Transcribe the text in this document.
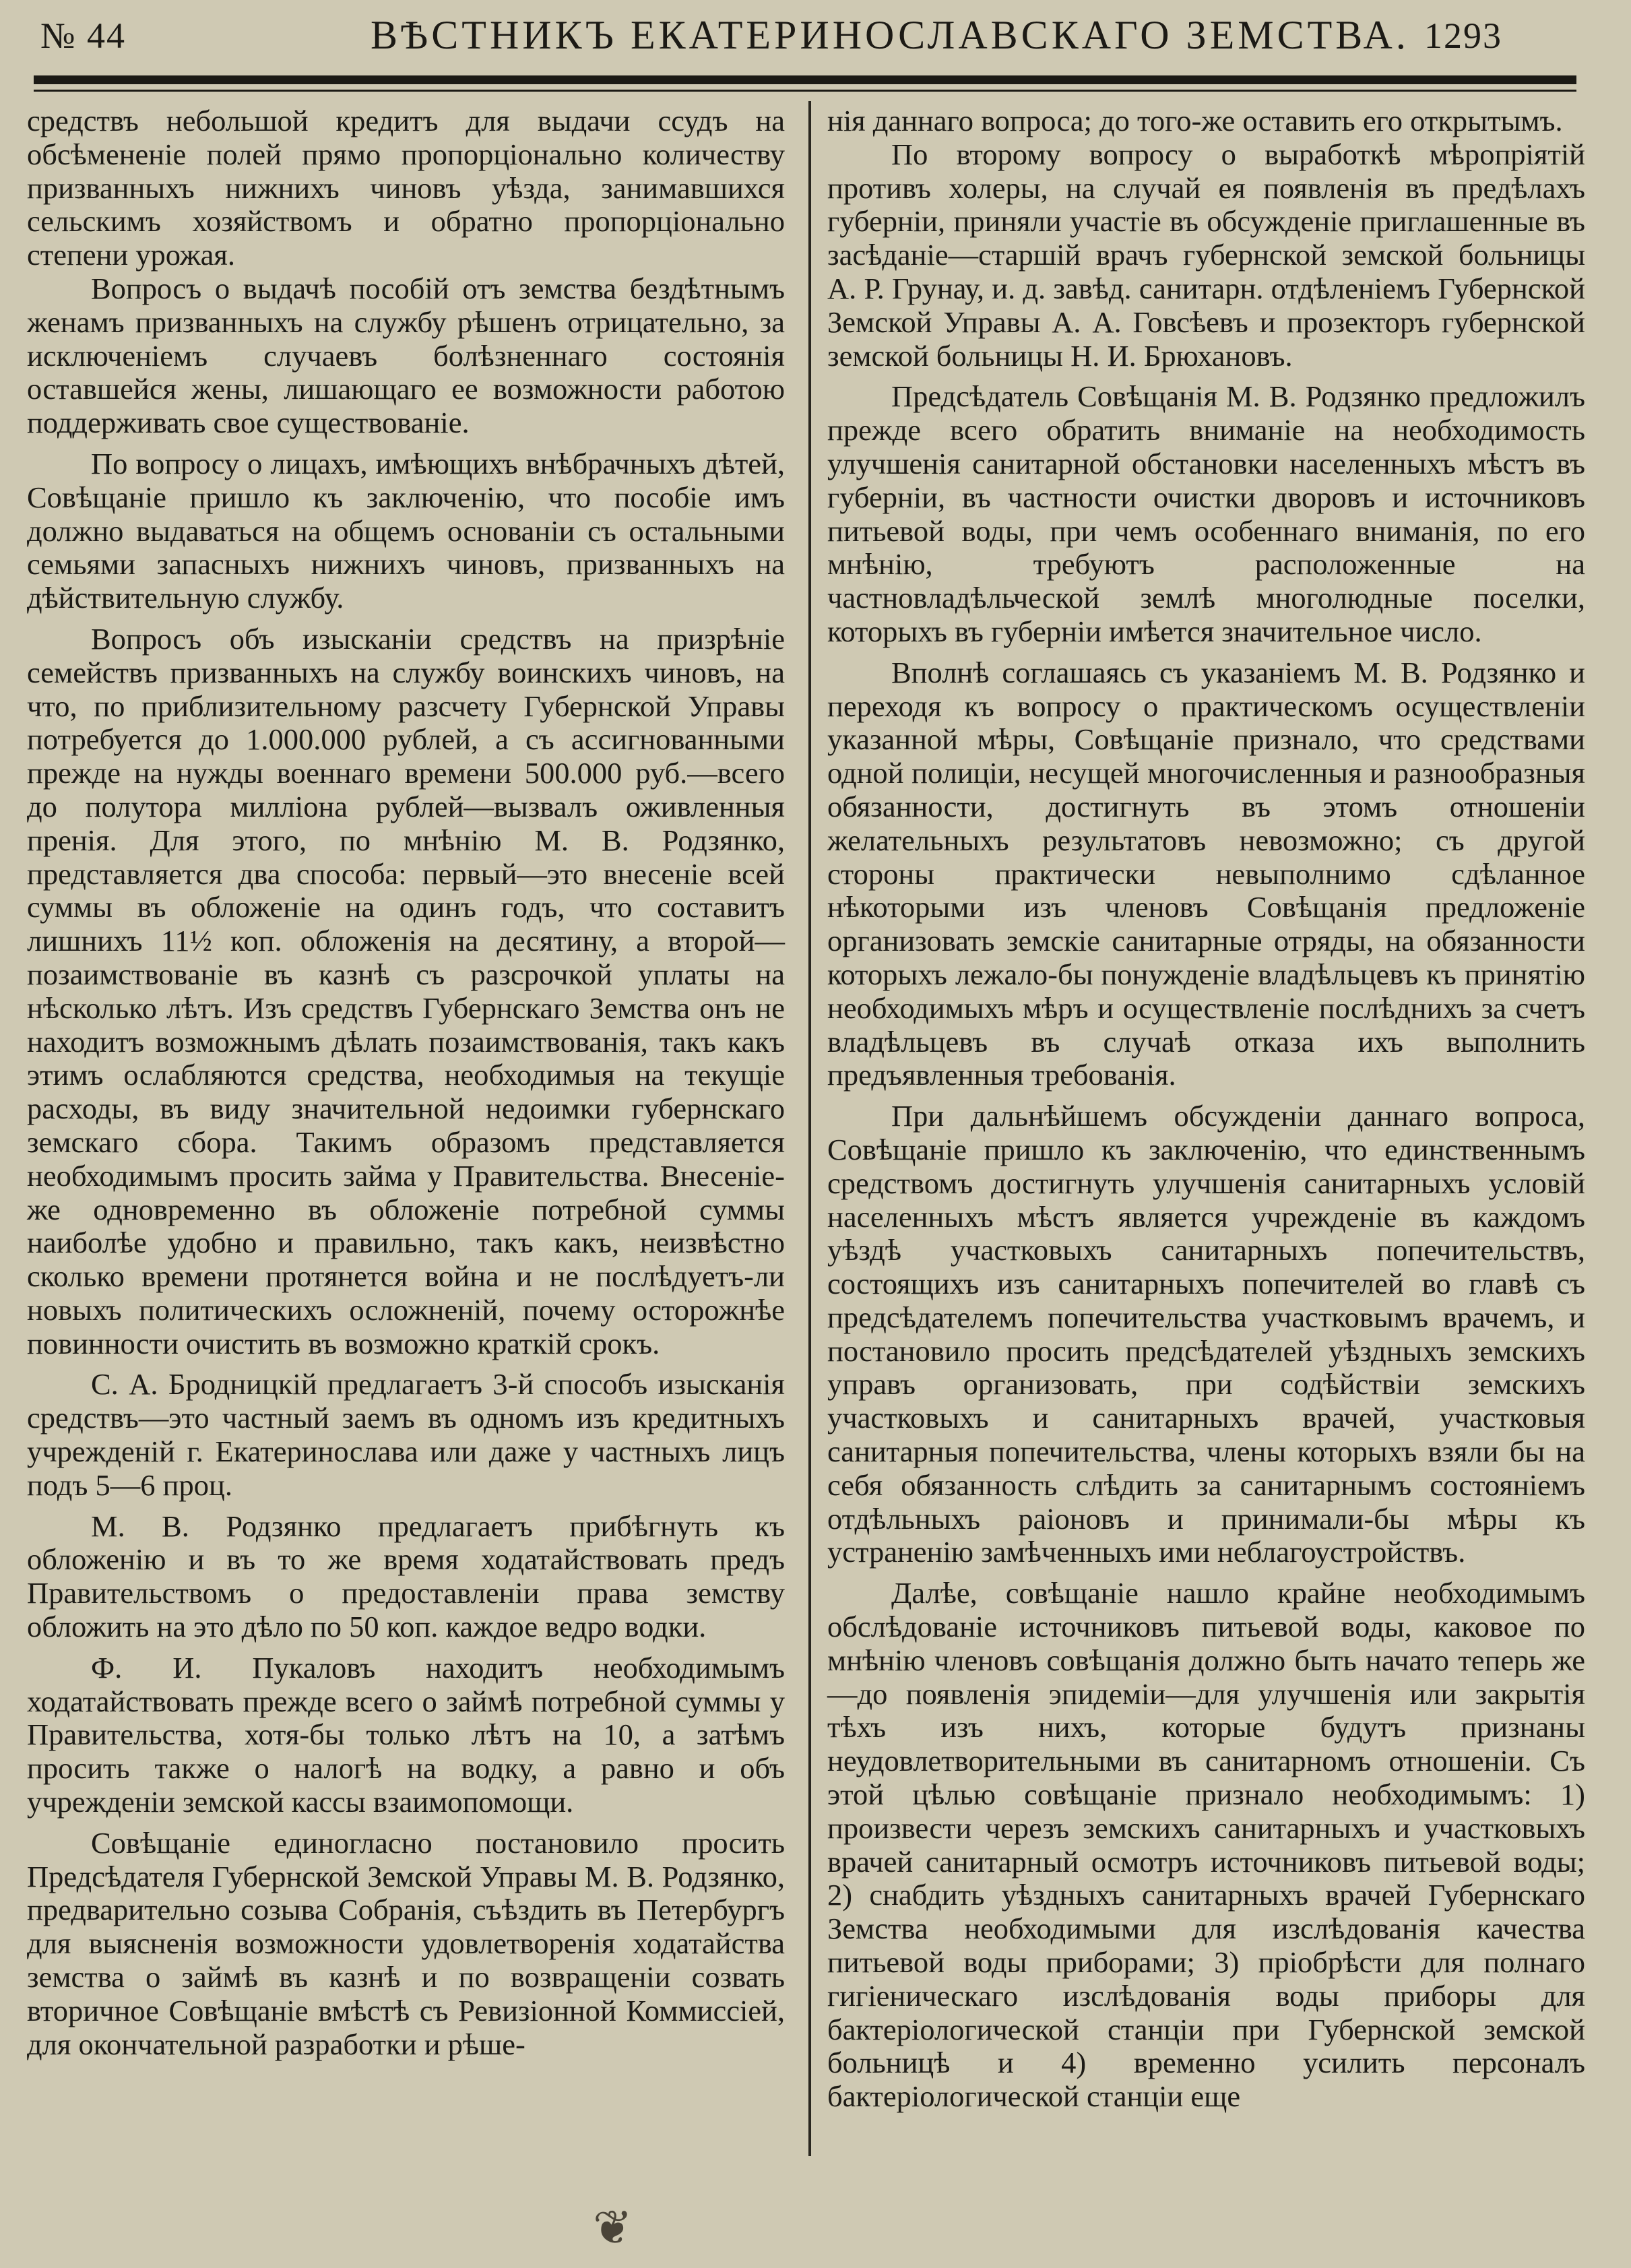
№ 44	ВѢСТНИКЪ ЕКАТЕРИНОСЛАВСКАГО ЗЕМСТВА. 1293

средствъ небольшой кредитъ для выдачи ссудъ на обсѣмененіе полей прямо пропорціонально количеству призванныхъ нижнихъ чиновъ уѣзда, занимавшихся сельскимъ хозяйствомъ и обратно пропорціонально степени урожая.

Вопросъ о выдачѣ пособій отъ земства бездѣтнымъ женамъ призванныхъ на службу рѣшенъ отрицательно, за исключеніемъ случаевъ болѣзненнаго состоянія оставшейся жены, лишающаго ее возможности работою поддерживать свое существованіе.

По вопросу о лицахъ, имѣющихъ внѣбрачныхъ дѣтей, Совѣщаніе пришло къ заключенію, что пособіе имъ должно выдаваться на общемъ основаніи съ остальными семьями запасныхъ нижнихъ чиновъ, призванныхъ на дѣйствительную службу.

Вопросъ объ изысканіи средствъ на призрѣніе семействъ призванныхъ на службу воинскихъ чиновъ, на что, по приблизительному разсчету Губернской Управы потребуется до 1.000.000 рублей, а съ ассигнованными прежде на нужды военнаго времени 500.000 руб.—всего до полутора милліона рублей—вызвалъ оживленныя пренія. Для этого, по мнѣнію М. В. Родзянко, представляется два способа: первый—это внесеніе всей суммы въ обложеніе на одинъ годъ, что составитъ лишнихъ 11½ коп. обложенія на десятину, а второй—позаимствованіе въ казнѣ съ разсрочкой уплаты на нѣсколько лѣтъ. Изъ средствъ Губернскаго Земства онъ не находитъ возможнымъ дѣлать позаимствованія, такъ какъ этимъ ослабляются средства, необходимыя на текущіе расходы, въ виду значительной недоимки губернскаго земскаго сбора. Такимъ образомъ представляется необходимымъ просить займа у Правительства. Внесеніе-же одновременно въ обложеніе потребной суммы наиболѣе удобно и правильно, такъ какъ, неизвѣстно сколько времени протянется война и не послѣдуетъ-ли новыхъ политическихъ осложненій, почему осторожнѣе повинности очистить въ возможно краткій срокъ.

С. А. Бродницкій предлагаетъ 3-й способъ изысканія средствъ—это частный заемъ въ одномъ изъ кредитныхъ учрежденій г. Екатеринослава или даже у частныхъ лицъ подъ 5—6 проц.

М. В. Родзянко предлагаетъ прибѣгнуть къ обложенію и въ то же время ходатайствовать предъ Правительствомъ о предоставленіи права земству обложить на это дѣло по 50 коп. каждое ведро водки.

Ф. И. Пукаловъ находитъ необходимымъ ходатайствовать прежде всего о займѣ потребной суммы у Правительства, хотя-бы только лѣтъ на 10, а затѣмъ просить также о налогѣ на водку, а равно и объ учрежденіи земской кассы взаимопомощи.

Совѣщаніе единогласно постановило просить Предсѣдателя Губернской Земской Управы М. В. Родзянко, предварительно созыва Собранія, съѣздить въ Петербургъ для выясненія возможности удовлетворенія ходатайства земства о займѣ въ казнѣ и по возвращеніи созвать вторичное Совѣщаніе вмѣстѣ съ Ревизіонной Коммиссіей, для окончательной разработки и рѣше-

нія даннаго вопроса; до того-же оставить его открытымъ.

По второму вопросу о выработкѣ мѣропріятій противъ холеры, на случай ея появленія въ предѣлахъ губерніи, приняли участіе въ обсужденіе приглашенные въ засѣданіе—старшій врачъ губернской земской больницы А. Р. Грунау, и. д. завѣд. санитарн. отдѣленіемъ Губернской Земской Управы А. А. Говсѣевъ и прозекторъ губернской земской больницы Н. И. Брюхановъ.

Предсѣдатель Совѣщанія М. В. Родзянко предложилъ прежде всего обратить вниманіе на необходимость улучшенія санитарной обстановки населенныхъ мѣстъ въ губерніи, въ частности очистки дворовъ и источниковъ питьевой воды, при чемъ особеннаго вниманія, по его мнѣнію, требуютъ расположенные на частновладѣльческой землѣ многолюдные поселки, которыхъ въ губерніи имѣется значительное число.

Вполнѣ соглашаясь съ указаніемъ М. В. Родзянко и переходя къ вопросу о практическомъ осуществленіи указанной мѣры, Совѣщаніе признало, что средствами одной полиціи, несущей многочисленныя и разнообразныя обязанности, достигнуть въ этомъ отношеніи желательныхъ результатовъ невозможно; съ другой стороны практически невыполнимо сдѣланное нѣкоторыми изъ членовъ Совѣщанія предложеніе организовать земскіе санитарные отряды, на обязанности которыхъ лежало-бы понужденіе владѣльцевъ къ принятію необходимыхъ мѣръ и осуществленіе послѣднихъ за счетъ владѣльцевъ въ случаѣ отказа ихъ выполнить предъявленныя требованія.

При дальнѣйшемъ обсужденіи даннаго вопроса, Совѣщаніе пришло къ заключенію, что единственнымъ средствомъ достигнуть улучшенія санитарныхъ условій населенныхъ мѣстъ является учрежденіе въ каждомъ уѣздѣ участковыхъ санитарныхъ попечительствъ, состоящихъ изъ санитарныхъ попечителей во главѣ съ предсѣдателемъ попечительства участковымъ врачемъ, и постановило просить предсѣдателей уѣздныхъ земскихъ управъ организовать, при содѣйствіи земскихъ участковыхъ и санитарныхъ врачей, участковыя санитарныя попечительства, члены которыхъ взяли бы на себя обязанность слѣдить за санитарнымъ состояніемъ отдѣльныхъ раіоновъ и принимали-бы мѣры къ устраненію замѣченныхъ ими неблагоустройствъ.

Далѣе, совѣщаніе нашло крайне необходимымъ обслѣдованіе источниковъ питьевой воды, каковое по мнѣнію членовъ совѣщанія должно быть начато теперь же—до появленія эпидеміи—для улучшенія или закрытія тѣхъ изъ нихъ, которые будутъ признаны неудовлетворительными въ санитарномъ отношеніи. Съ этой цѣлью совѣщаніе признало необходимымъ: 1) произвести черезъ земскихъ санитарныхъ и участковыхъ врачей санитарный осмотръ источниковъ питьевой воды; 2) снабдить уѣздныхъ санитарныхъ врачей Губернскаго Земства необходимыми для изслѣдованія качества питьевой воды приборами; 3) пріобрѣсти для полнаго гигіеническаго изслѣдованія воды приборы для бактеріологической станціи при Губернской земской больницѣ и 4) временно усилить персоналъ бактеріологической станціи еще

❦
